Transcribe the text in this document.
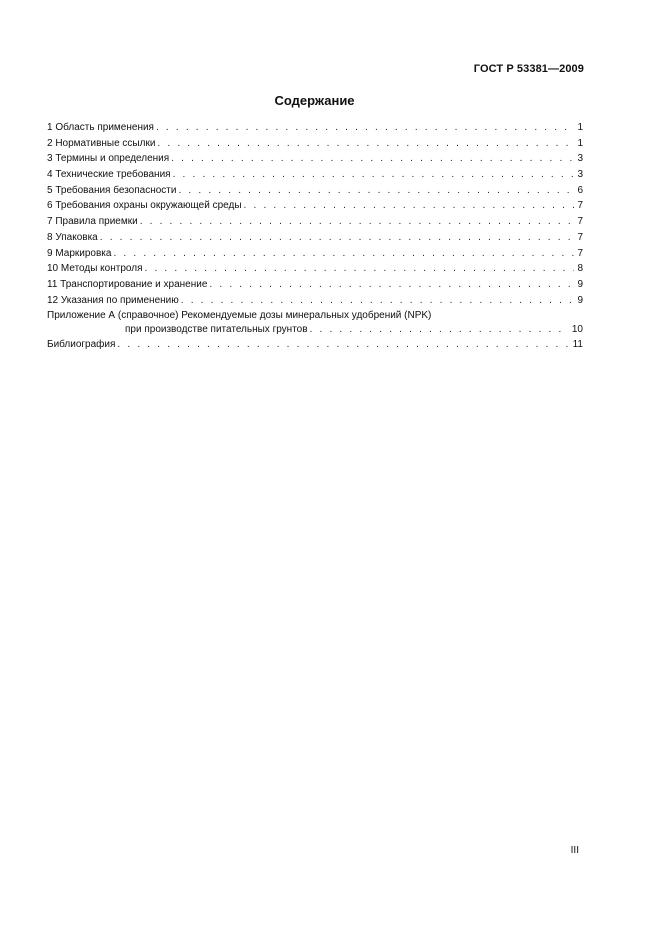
ГОСТ Р 53381—2009
Содержание
1 Область применения . . .	1
2 Нормативные ссылки . . .	1
3 Термины и определения . . .	3
4 Технические требования . . .	3
5 Требования безопасности . . .	6
6 Требования охраны окружающей среды . . .	7
7 Правила приемки . . .	7
8 Упаковка . . .	7
9 Маркировка . . .	7
10 Методы контроля . . .	8
11 Транспортирование и хранение . . .	9
12 Указания по применению . . .	9
Приложение А (справочное) Рекомендуемые дозы минеральных удобрений (NPK)
при производстве питательных грунтов . . .	10
Библиография . . .	11
III
